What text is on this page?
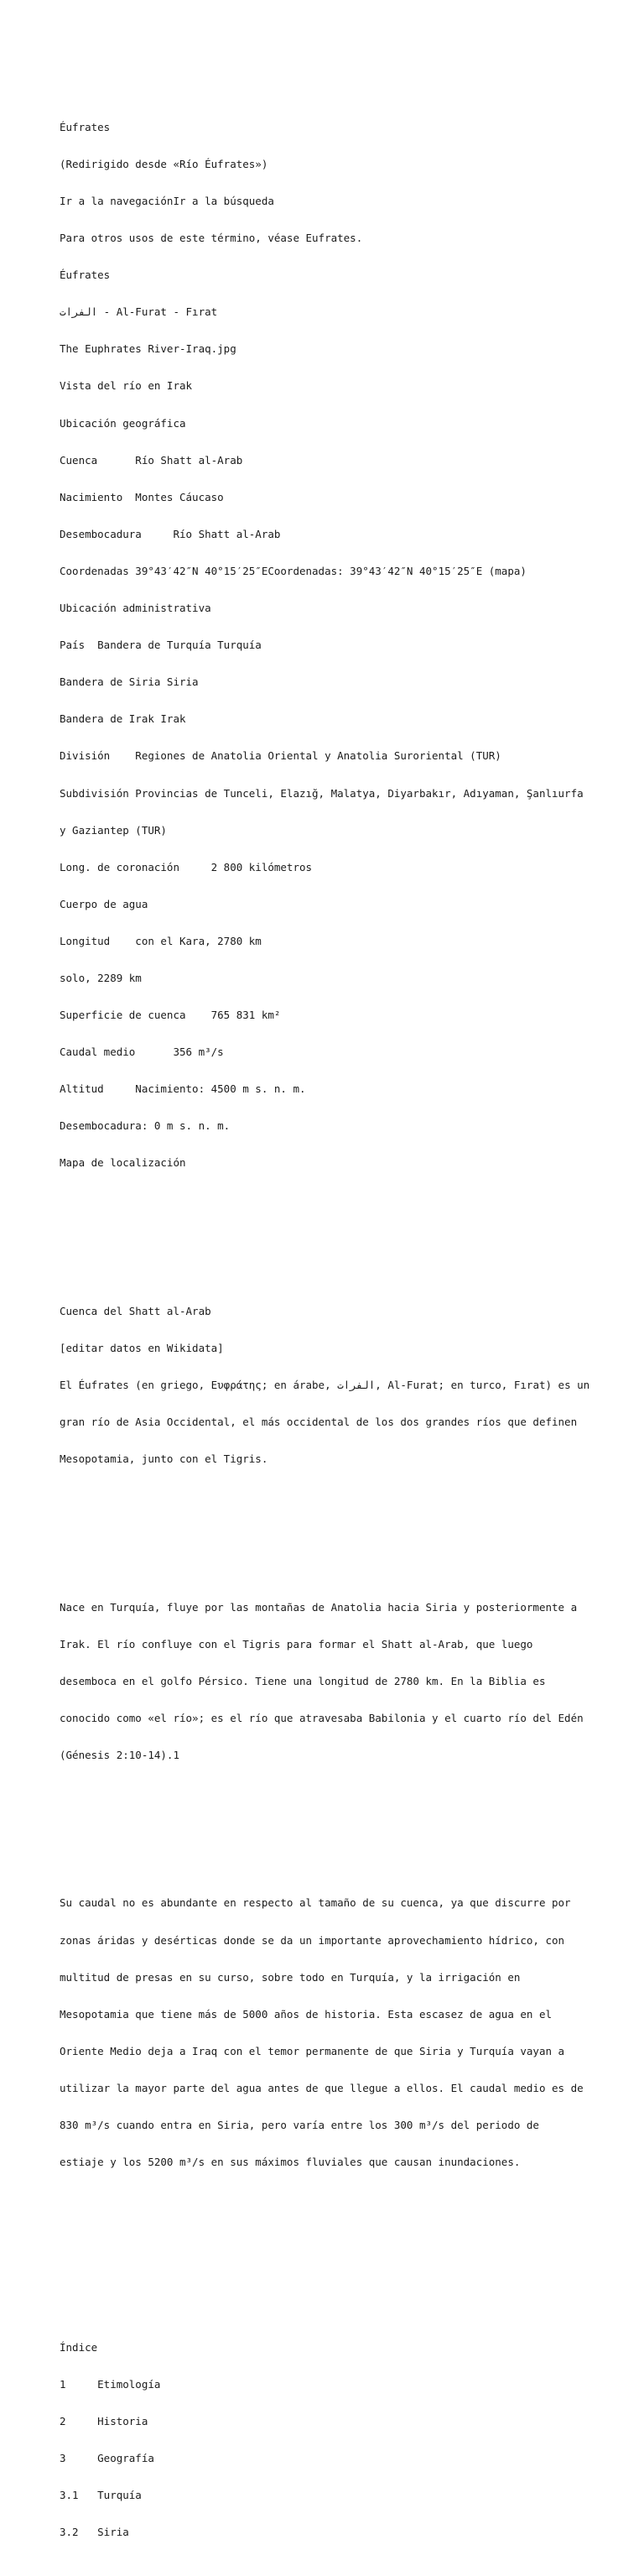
Éufrates

(Redirigido desde «Río Éufrates»)

Ir a la navegaciónIr a la búsqueda

Para otros usos de este término, véase Eufrates.

Éufrates

الفرات - Al-Furat - Fırat

The Euphrates River-Iraq.jpg

Vista del río en Irak

Ubicación geográfica

Cuenca      Río Shatt al-Arab

Nacimiento  Montes Cáucaso

Desembocadura     Río Shatt al-Arab

Coordenadas 39°43′42″N 40°15′25″ECoordenadas: 39°43′42″N 40°15′25″E (mapa)

Ubicación administrativa

País  Bandera de Turquía Turquía

Bandera de Siria Siria

Bandera de Irak Irak

División    Regiones de Anatolia Oriental y Anatolia Suroriental (TUR)

Subdivisión Provincias de Tunceli, Elazığ, Malatya, Diyarbakır, Adıyaman, Şanlıurfa

y Gaziantep (TUR)

Long. de coronación     2 800 kilómetros

Cuerpo de agua

Longitud    con el Kara, 2780 km

solo, 2289 km

Superficie de cuenca    765 831 km²

Caudal medio      356 m³/s

Altitud     Nacimiento: 4500 m s. n. m.

Desembocadura: 0 m s. n. m.

Mapa de localización

Cuenca del Shatt al-Arab

[editar datos en Wikidata]

El Éufrates (en griego, Ευφράτης; en árabe, الفرات, Al-Furat; en turco, Fırat) es un

gran río de Asia Occidental, el más occidental de los dos grandes ríos que definen

Mesopotamia, junto con el Tigris.

Nace en Turquía, fluye por las montañas de Anatolia hacia Siria y posteriormente a

Irak. El río confluye con el Tigris para formar el Shatt al-Arab, que luego

desemboca en el golfo Pérsico. Tiene una longitud de 2780 km. En la Biblia es

conocido como «el río»; es el río que atravesaba Babilonia y el cuarto río del Edén

(Génesis 2:10-14).1

Su caudal no es abundante en respecto al tamaño de su cuenca, ya que discurre por

zonas áridas y desérticas donde se da un importante aprovechamiento hídrico, con

multitud de presas en su curso, sobre todo en Turquía, y la irrigación en

Mesopotamia que tiene más de 5000 años de historia. Esta escasez de agua en el

Oriente Medio deja a Iraq con el temor permanente de que Siria y Turquía vayan a

utilizar la mayor parte del agua antes de que llegue a ellos. El caudal medio es de

830 m³/s cuando entra en Siria, pero varía entre los 300 m³/s del periodo de

estiaje y los 5200 m³/s en sus máximos fluviales que causan inundaciones.

Índice

1     Etimología

2     Historia

3     Geografía

3.1   Turquía

3.2   Siria
